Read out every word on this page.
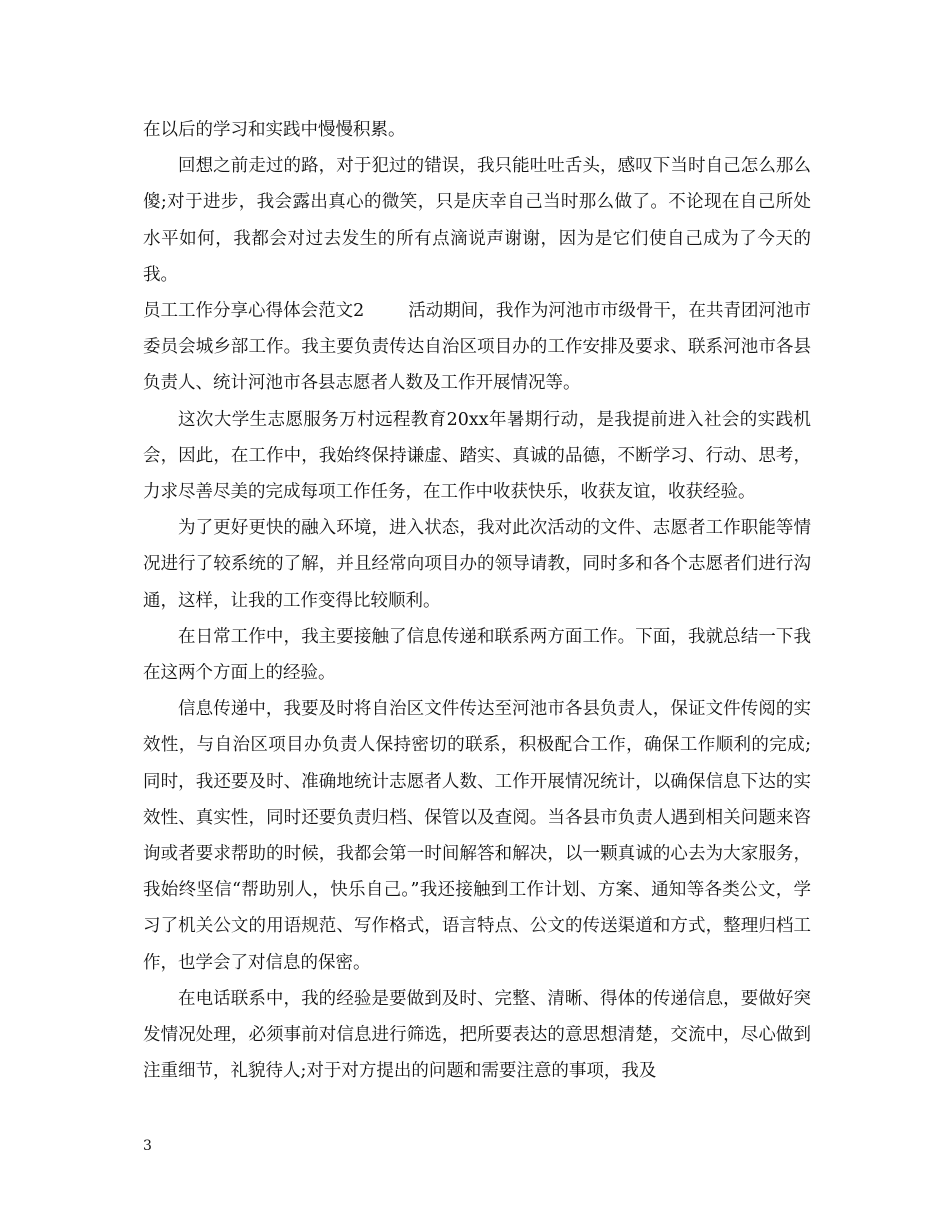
在以后的学习和实践中慢慢积累。

回想之前走过的路，对于犯过的错误，我只能吐吐舌头，感叹下当时自己怎么那么傻;对于进步，我会露出真心的微笑，只是庆幸自己当时那么做了。不论现在自己所处水平如何，我都会对过去发生的所有点滴说声谢谢，因为是它们使自己成为了今天的我。

员工工作分享心得体会范文2	活动期间，我作为河池市市级骨干，在共青团河池市委员会城乡部工作。我主要负责传达自治区项目办的工作安排及要求、联系河池市各县负责人、统计河池市各县志愿者人数及工作开展情况等。

这次大学生志愿服务万村远程教育20xx年暑期行动，是我提前进入社会的实践机会，因此，在工作中，我始终保持谦虚、踏实、真诚的品德，不断学习、行动、思考，力求尽善尽美的完成每项工作任务，在工作中收获快乐，收获友谊，收获经验。

为了更好更快的融入环境，进入状态，我对此次活动的文件、志愿者工作职能等情况进行了较系统的了解，并且经常向项目办的领导请教，同时多和各个志愿者们进行沟通，这样，让我的工作变得比较顺利。

在日常工作中，我主要接触了信息传递和联系两方面工作。下面，我就总结一下我在这两个方面上的经验。

信息传递中，我要及时将自治区文件传达至河池市各县负责人，保证文件传阅的实效性，与自治区项目办负责人保持密切的联系，积极配合工作，确保工作顺利的完成;同时，我还要及时、准确地统计志愿者人数、工作开展情况统计，以确保信息下达的实效性、真实性，同时还要负责归档、保管以及查阅。当各县市负责人遇到相关问题来咨询或者要求帮助的时候，我都会第一时间解答和解决，以一颗真诚的心去为大家服务，我始终坚信“帮助别人，快乐自己。”我还接触到工作计划、方案、通知等各类公文，学习了机关公文的用语规范、写作格式，语言特点、公文的传送渠道和方式，整理归档工作，也学会了对信息的保密。

在电话联系中，我的经验是要做到及时、完整、清晰、得体的传递信息，要做好突发情况处理，必须事前对信息进行筛选，把所要表达的意思想清楚，交流中，尽心做到注重细节，礼貌待人;对于对方提出的问题和需要注意的事项，我及

3
